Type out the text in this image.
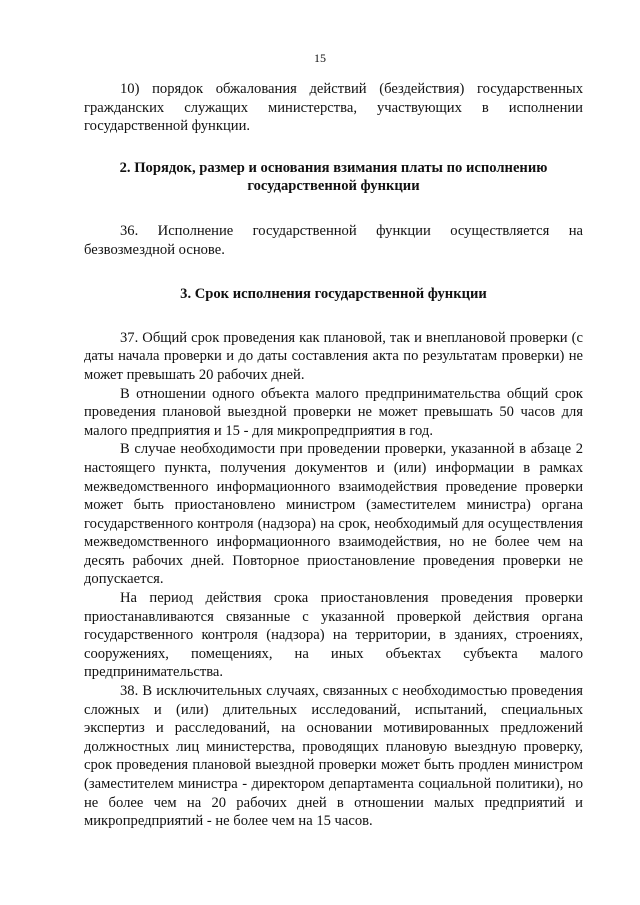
15

10) порядок обжалования действий (бездействия) государственных гражданских служащих министерства, участвующих в исполнении государственной функции.

2. Порядок, размер и основания взимания платы по исполнению государственной функции

36. Исполнение государственной функции осуществляется на безвозмездной основе.

3. Срок исполнения государственной функции

37. Общий срок проведения как плановой, так и внеплановой проверки (с даты начала проверки и до даты составления акта по результатам проверки) не может превышать 20 рабочих дней.

В отношении одного объекта малого предпринимательства общий срок проведения плановой выездной проверки не может превышать 50 часов для малого предприятия и 15 - для микропредприятия в год.

В случае необходимости при проведении проверки, указанной в абзаце 2 настоящего пункта, получения документов и (или) информации в рамках межведомственного информационного взаимодействия проведение проверки может быть приостановлено министром (заместителем министра) органа государственного контроля (надзора) на срок, необходимый для осуществления межведомственного информационного взаимодействия, но не более чем на десять рабочих дней. Повторное приостановление проведения проверки не допускается.

На период действия срока приостановления проведения проверки приостанавливаются связанные с указанной проверкой действия органа государственного контроля (надзора) на территории, в зданиях, строениях, сооружениях, помещениях, на иных объектах субъекта малого предпринимательства.

38. В исключительных случаях, связанных с необходимостью проведения сложных и (или) длительных исследований, испытаний, специальных экспертиз и расследований, на основании мотивированных предложений должностных лиц министерства, проводящих плановую выездную проверку, срок проведения плановой выездной проверки может быть продлен министром (заместителем министра - директором департамента социальной политики), но не более чем на 20 рабочих дней в отношении малых предприятий и микропредприятий - не более чем на 15 часов.
